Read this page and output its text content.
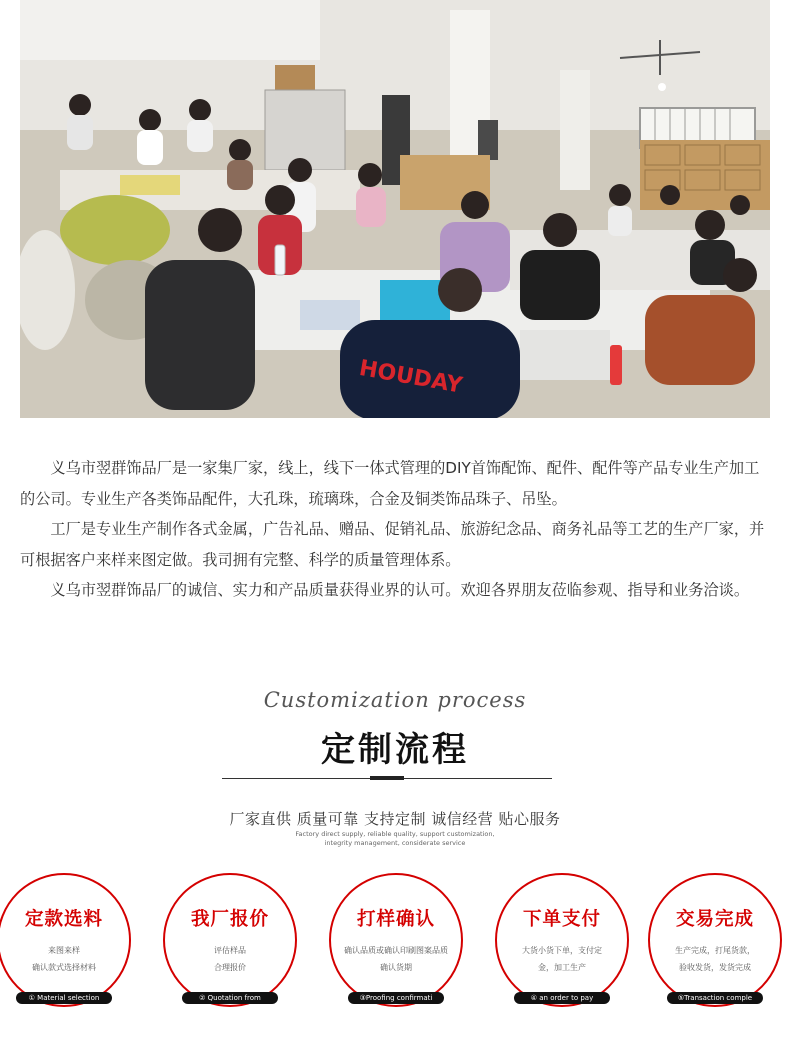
HOUDAY

义乌市翌群饰品厂是一家集厂家，线上，线下一体式管理的DIY首饰配饰、配件、配件等产品专业生产加工的公司。专业生产各类饰品配件，大孔珠，琉璃珠，合金及铜类饰品珠子、吊坠。

工厂是专业生产制作各式金属，广告礼品、赠品、促销礼品、旅游纪念品、商务礼品等工艺的生产厂家，并可根据客户来样来图定做。我司拥有完整、科学的质量管理体系。

义乌市翌群饰品厂的诚信、实力和产品质量获得业界的认可。欢迎各界朋友莅临参观、指导和业务洽谈。

Customization process
定制流程
厂家直供 质量可靠 支持定制 诚信经营 贴心服务
Factory direct supply, reliable quality, support customization,
integrity management, considerate service
定款选料
来图来样
确认款式选择材料
① Material selection
我厂报价
评估样品
合理报价
② Quotation from
打样确认
确认品质或确认印刷图案品质
确认货期
③Proofing confirmati
下单支付
大货小货下单，支付定
金，加工生产
④ an order to pay
交易完成
生产完成，打尾货款，
验收发货，发货完成
⑤Transaction comple
